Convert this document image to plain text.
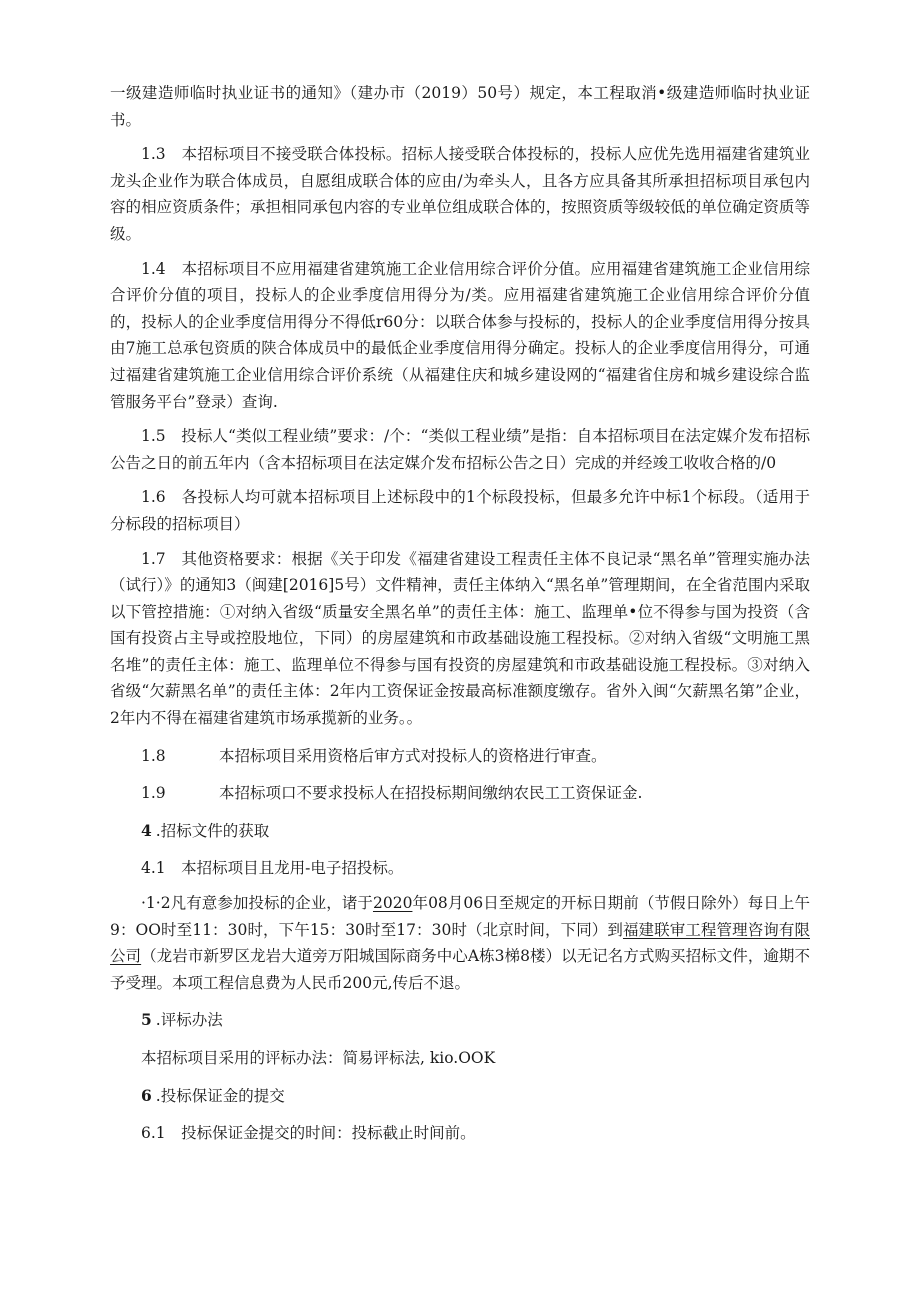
一级建造师临时执业证书的通知》（建办市（2019）50号）规定，本工程取消•级建造师临时执业证书。

1.3　本招标项目不接受联合体投标。招标人接受联合体投标的，投标人应优先选用福建省建筑业龙头企业作为联合体成员，自愿组成联合体的应由/为牵头人，且各方应具备其所承担招标项目承包内容的相应资质条件；承担相同承包内容的专业单位组成联合体的，按照资质等级较低的单位确定资质等级。

1.4　本招标项目不应用福建省建筑施工企业信用综合评价分值。应用福建省建筑施工企业信用综合评价分值的项目，投标人的企业季度信用得分为/类。应用福建省建筑施工企业信用综合评价分值的，投标人的企业季度信用得分不得低r60分：以联合体参与投标的，投标人的企业季度信用得分按具由7施工总承包资质的陕合体成员中的最低企业季度信用得分确定。投标人的企业季度信用得分，可通过福建省建筑施工企业信用综合评价系统（从福建住庆和城乡建设网的“福建省住房和城乡建设综合监管服务平台”登录）查询.

1.5　投标人“类似工程业绩”要求：/个：“类似工程业绩”是指：自本招标项目在法定媒介发布招标公告之日的前五年内（含本招标项目在法定媒介发布招标公告之日）完成的并经竣工收收合格的/0

1.6　各投标人均可就本招标项目上述标段中的1个标段投标，但最多允许中标1个标段。（适用于分标段的招标项目）

1.7　其他资格要求：根据《关于印发《福建省建设工程责任主体不良记录“黑名单”管理实施办法（试行）》的通知3（闽建[2016]5号）文件精神，责任主体纳入“黑名单”管理期间，在全省范围内采取以下管控措施：①对纳入省级“质量安全黑名单”的责任主体：施工、监理单•位不得参与国为投资（含国有投资占主导或控股地位，下同）的房屋建筑和市政基础设施工程投标。②对纳入省级“文明施工黑名堆”的责任主体：施工、监理单位不得参与国有投资的房屋建筑和市政基础设施工程投标。③对纳入省级“欠薪黑名单”的责任主体：2年内工资保证金按最高标准额度缴存。省外入闽“欠薪黑名第”企业，2年内不得在福建省建筑市场承揽新的业务。。

1.8	本招标项目采用资格后审方式对投标人的资格进行审查。
1.9	本招标项口不要求投标人在招投标期间缴纳农民工工资保证金.
4 .招标文件的获取

4.1　本招标项目且龙用-电子招投标。

·1·2凡有意参加投标的企业，诸于2020年08月06日至规定的开标日期前（节假日除外）每日上午9：OO时至11：30时，下午15：30时至17：30时（北京时间，下同）到福建联审工程管理咨询有限公司（龙岩市新罗区龙岩大道旁万阳城国际商务中心A栋3梯8楼）以无记名方式购买招标文件，逾期不予受理。本项工程信息费为人民币200元,传后不退。

5 .评标办法

本招标项目采用的评标办法：简易评标法, kio.OOK

6 .投标保证金的提交

6.1　投标保证金提交的时间：投标截止时间前。
